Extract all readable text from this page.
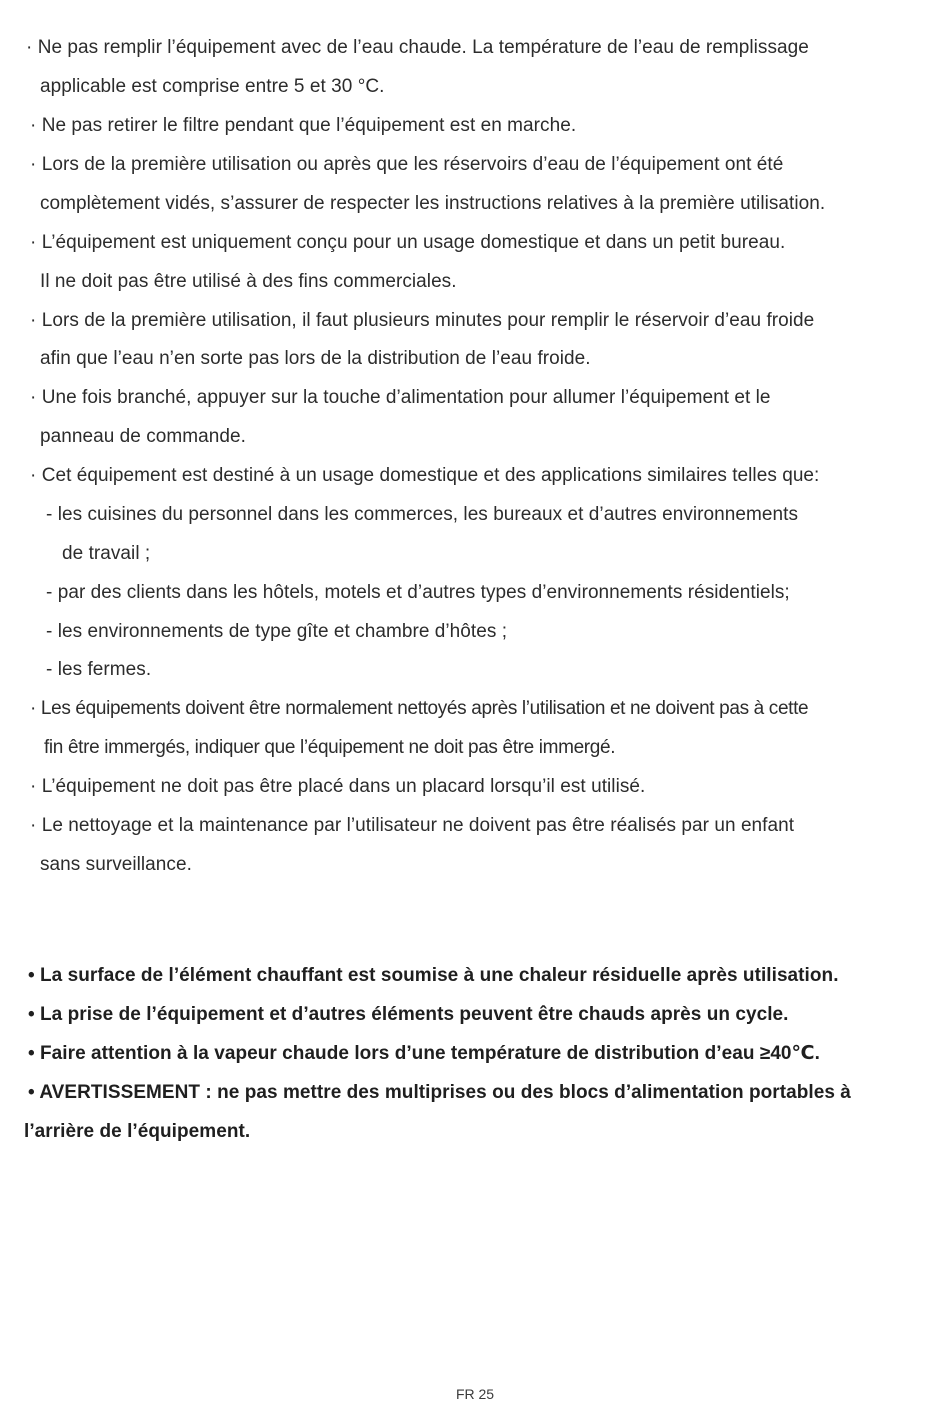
· Ne pas remplir l’équipement avec de l’eau chaude. La température de l’eau de remplissage
applicable est comprise entre 5 et 30 °C.
· Ne pas retirer le filtre pendant que l’équipement est en marche.
· Lors de la première utilisation ou après que les réservoirs d’eau de l’équipement ont été
complètement vidés, s’assurer de respecter les instructions relatives à la première utilisation.
· L’équipement est uniquement conçu pour un usage domestique et dans un petit bureau.
Il ne doit pas être utilisé à des fins commerciales.
· Lors de la première utilisation, il faut plusieurs minutes pour remplir le réservoir d’eau froide
afin que l’eau n’en sorte pas lors de la distribution de l’eau froide.
· Une fois branché, appuyer sur la touche d’alimentation pour allumer l’équipement et le
panneau de commande.
· Cet équipement est destiné à un usage domestique et des applications similaires telles que:
- les cuisines du personnel dans les commerces, les bureaux et d’autres environnements
de travail ;
- par des clients dans les hôtels, motels et d’autres types d’environnements résidentiels;
- les environnements de type gîte et chambre d’hôtes ;
- les fermes.
· Les équipements doivent être normalement nettoyés après l’utilisation et ne doivent pas à cette
fin être immergés, indiquer que l’équipement ne doit pas être immergé.
· L’équipement ne doit pas être placé dans un placard lorsqu’il est utilisé.
· Le nettoyage et la maintenance par l’utilisateur ne doivent pas être réalisés par un enfant
sans surveillance.
• La surface de l’élément chauffant est soumise à une chaleur résiduelle après utilisation.
• La prise de l’équipement et d’autres éléments peuvent être chauds après un cycle.
• Faire attention à la vapeur chaude lors d’une température de distribution d’eau ≥40℃.
• AVERTISSEMENT : ne pas mettre des multiprises ou des blocs d’alimentation portables à
l’arrière de l’équipement.
FR 25
